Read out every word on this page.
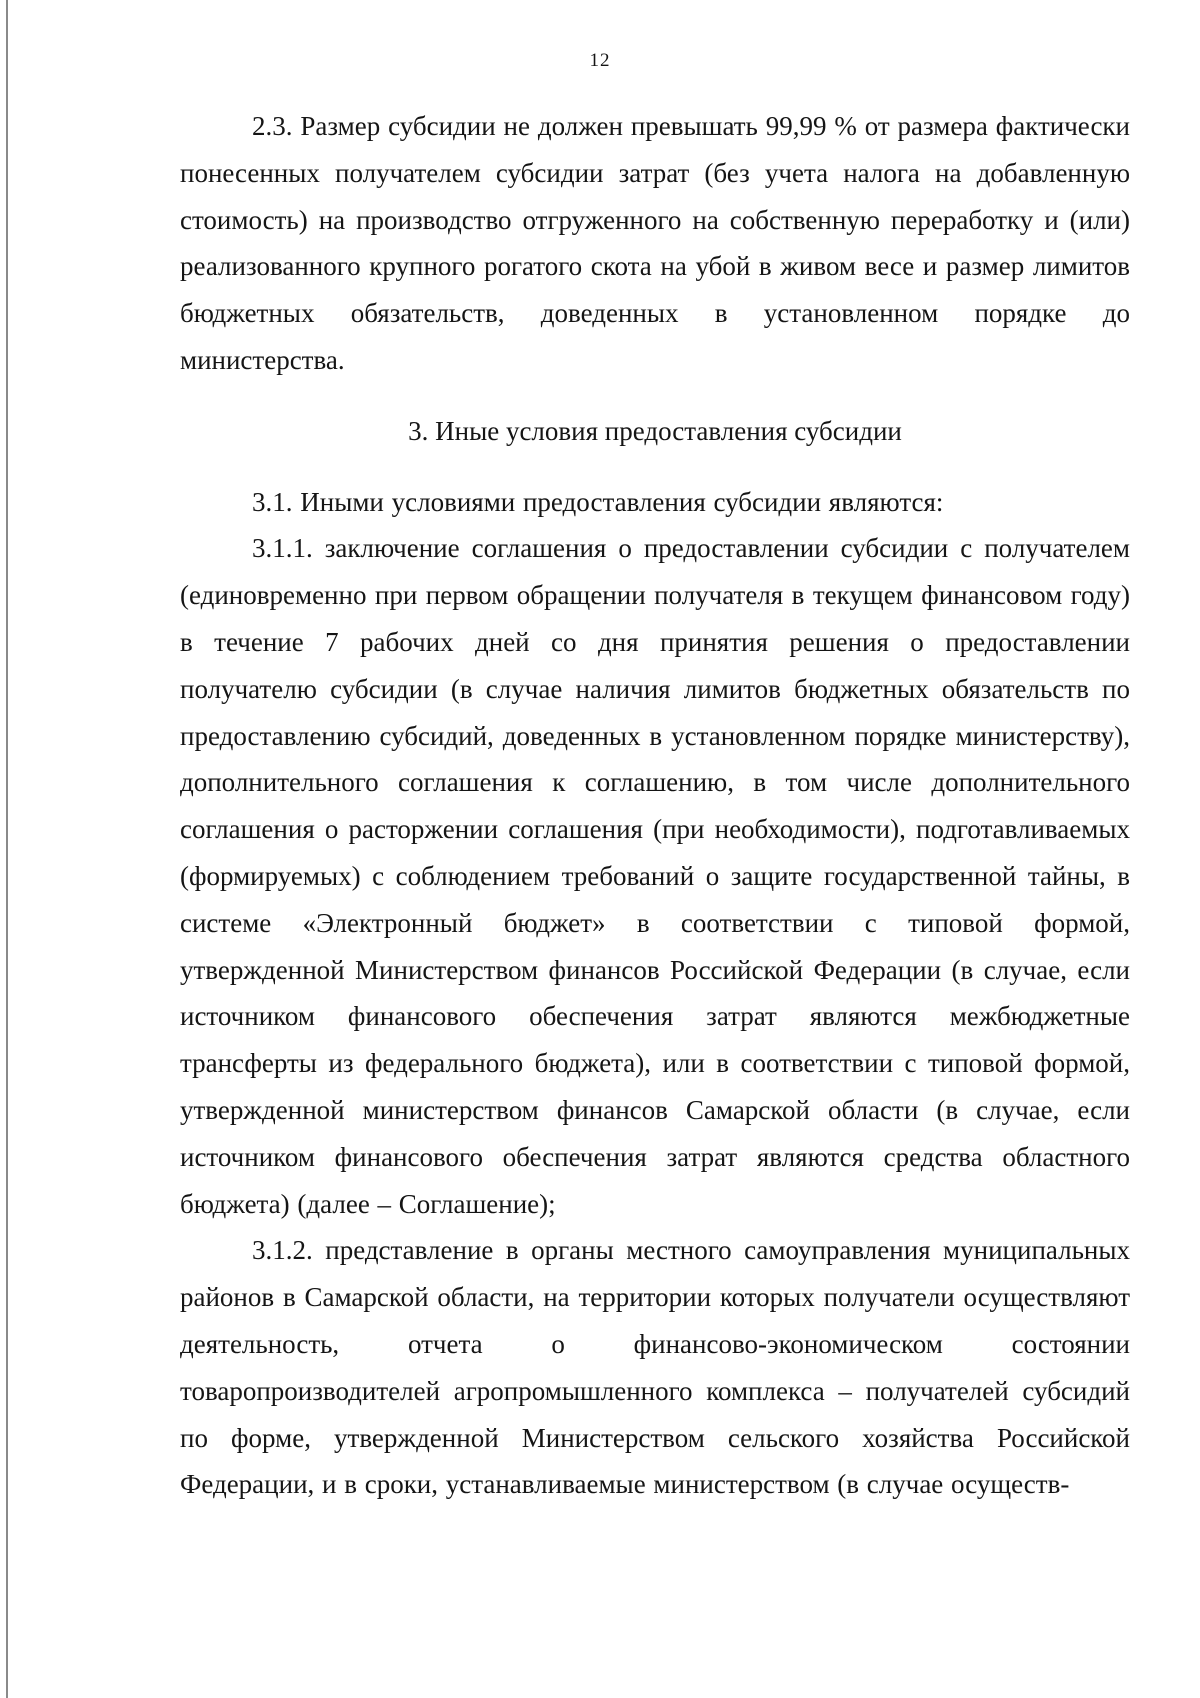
12

2.3. Размер субсидии не должен превышать 99,99 % от размера фактически понесенных получателем субсидии затрат (без учета налога на добавленную стоимость) на производство отгруженного на собственную переработку и (или) реализованного крупного рогатого скота на убой в живом весе и размер лимитов бюджетных обязательств, доведенных в установленном порядке до министерства.

3. Иные условия предоставления субсидии

3.1. Иными условиями предоставления субсидии являются:

3.1.1. заключение соглашения о предоставлении субсидии с получателем (единовременно при первом обращении получателя в текущем финансовом году) в течение 7 рабочих дней со дня принятия решения о предоставлении получателю субсидии (в случае наличия лимитов бюджетных обязательств по предоставлению субсидий, доведенных в установленном порядке министерству), дополнительного соглашения к соглашению, в том числе дополнительного соглашения о расторжении соглашения (при необходимости), подготавливаемых (формируемых) с соблюдением требований о защите государственной тайны, в системе «Электронный бюджет» в соответствии с типовой формой, утвержденной Министерством финансов Российской Федерации (в случае, если источником финансового обеспечения затрат являются межбюджетные трансферты из федерального бюджета), или в соответствии с типовой формой, утвержденной министерством финансов Самарской области (в случае, если источником финансового обеспечения затрат являются средства областного бюджета) (далее – Соглашение);

3.1.2. представление в органы местного самоуправления муниципальных районов в Самарской области, на территории которых получатели осуществляют деятельность, отчета о финансово-экономическом состоянии товаропроизводителей агропромышленного комплекса – получателей субсидий по форме, утвержденной Министерством сельского хозяйства Российской Федерации, и в сроки, устанавливаемые министерством (в случае осуществ-
